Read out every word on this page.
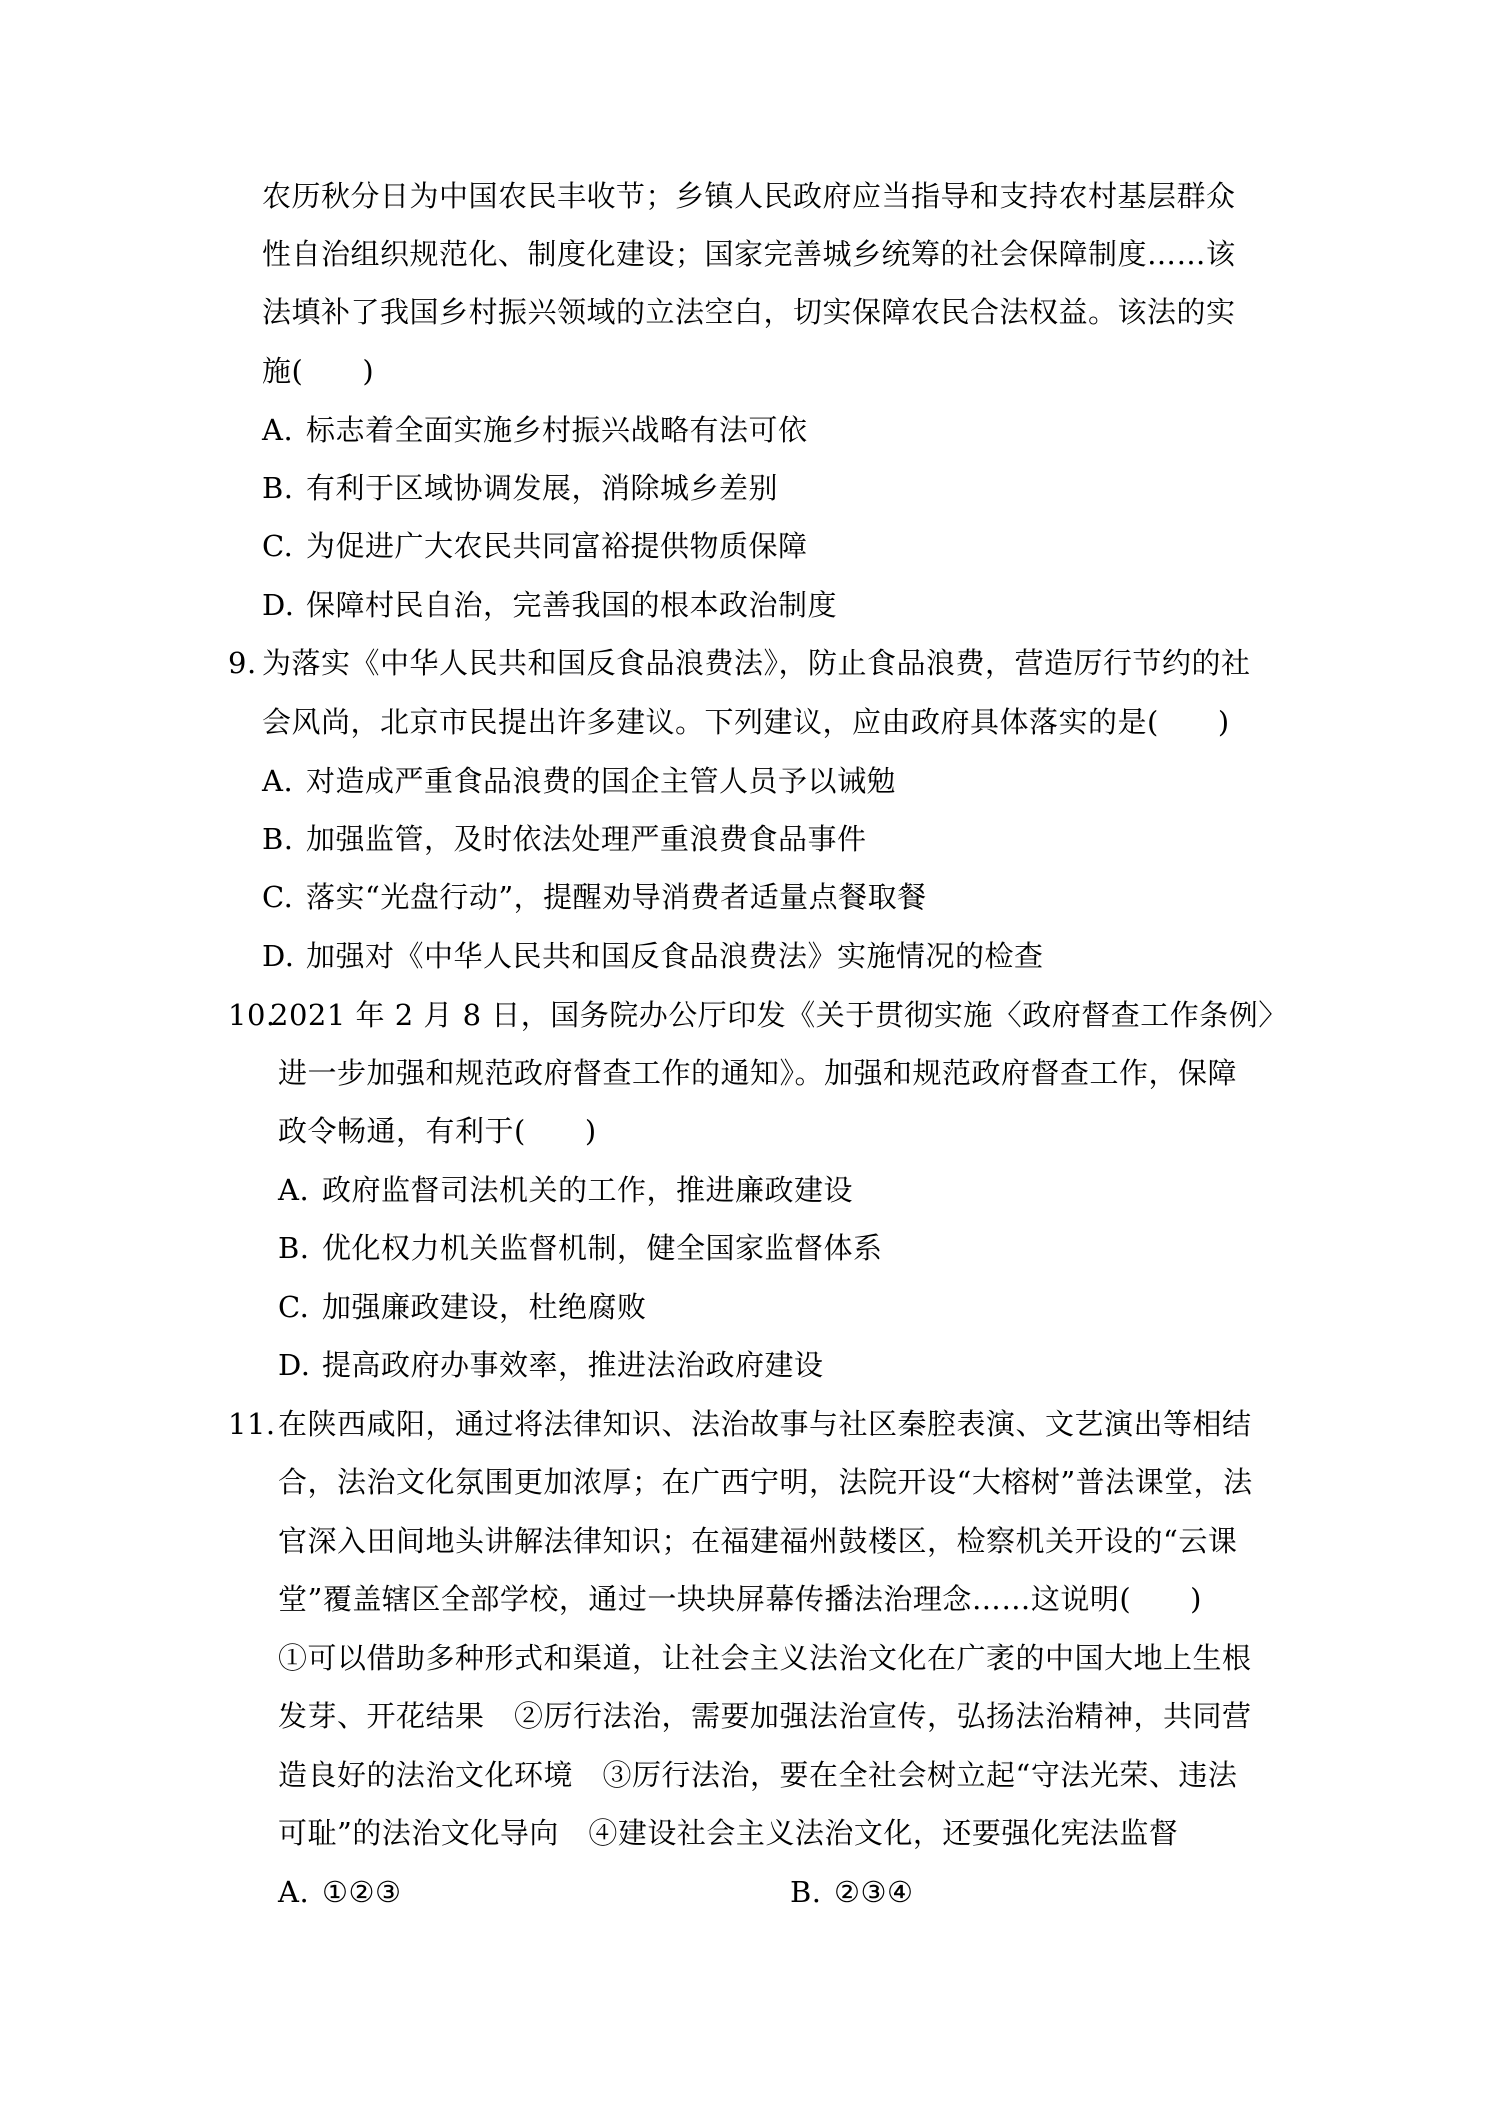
农历秋分日为中国农民丰收节；乡镇人民政府应当指导和支持农村基层群众
性自治组织规范化、制度化建设；国家完善城乡统筹的社会保障制度……该
法填补了我国乡村振兴领域的立法空白，切实保障农民合法权益。该法的实
施(　　)
A. 标志着全面实施乡村振兴战略有法可依
B. 有利于区域协调发展，消除城乡差别
C. 为促进广大农民共同富裕提供物质保障
D. 保障村民自治，完善我国的根本政治制度
9. 为落实《中华人民共和国反食品浪费法》，防止食品浪费，营造厉行节约的社
会风尚，北京市民提出许多建议。下列建议，应由政府具体落实的是(　　)
A. 对造成严重食品浪费的国企主管人员予以诫勉
B. 加强监管，及时依法处理严重浪费食品事件
C. 落实“光盘行动”，提醒劝导消费者适量点餐取餐
D. 加强对《中华人民共和国反食品浪费法》实施情况的检查
10.
2021 年 2 月 8 日，国务院办公厅印发《关于贯彻实施〈政府督查工作条例〉
进一步加强和规范政府督查工作的通知》。加强和规范政府督查工作，保障
政令畅通，有利于(　　)
A. 政府监督司法机关的工作，推进廉政建设
B. 优化权力机关监督机制，健全国家监督体系
C. 加强廉政建设，杜绝腐败
D. 提高政府办事效率，推进法治政府建设
11. 在陕西咸阳，通过将法律知识、法治故事与社区秦腔表演、文艺演出等相结
合，法治文化氛围更加浓厚；在广西宁明，法院开设“大榕树”普法课堂，法
官深入田间地头讲解法律知识；在福建福州鼓楼区，检察机关开设的“云课
堂”覆盖辖区全部学校，通过一块块屏幕传播法治理念……这说明(　　)
①可以借助多种形式和渠道，让社会主义法治文化在广袤的中国大地上生根
发芽、开花结果　②厉行法治，需要加强法治宣传，弘扬法治精神，共同营
造良好的法治文化环境　③厉行法治，要在全社会树立起“守法光荣、违法
可耻”的法治文化导向　④建设社会主义法治文化，还要强化宪法监督
A. ①②③	B. ②③④
